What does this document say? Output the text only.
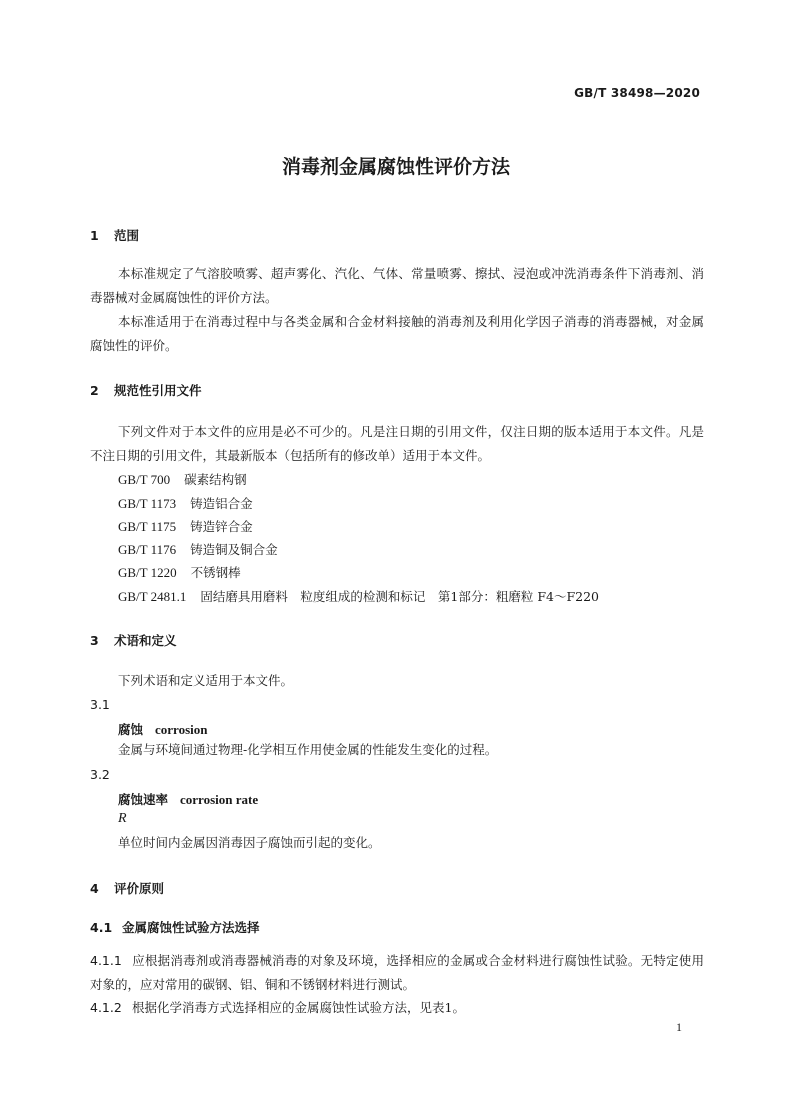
GB/T 38498—2020
消毒剂金属腐蚀性评价方法
1 范围
本标准规定了气溶胶喷雾、超声雾化、汽化、气体、常量喷雾、擦拭、浸泡或冲洗消毒条件下消毒剂、消毒器械对金属腐蚀性的评价方法。
本标准适用于在消毒过程中与各类金属和合金材料接触的消毒剂及利用化学因子消毒的消毒器械，对金属腐蚀性的评价。
2 规范性引用文件
下列文件对于本文件的应用是必不可少的。凡是注日期的引用文件，仅注日期的版本适用于本文件。凡是不注日期的引用文件，其最新版本（包括所有的修改单）适用于本文件。
GB/T 700 碳素结构钢
GB/T 1173 铸造铝合金
GB/T 1175 铸造锌合金
GB/T 1176 铸造铜及铜合金
GB/T 1220 不锈钢棒
GB/T 2481.1 固结磨具用磨料　粒度组成的检测和标记　第1部分：粗磨粒 F4～F220
3 术语和定义
下列术语和定义适用于本文件。
3.1
腐蚀 corrosion
金属与环境间通过物理-化学相互作用使金属的性能发生变化的过程。
3.2
腐蚀速率 corrosion rate
R
单位时间内金属因消毒因子腐蚀而引起的变化。
4 评价原则
4.1 金属腐蚀性试验方法选择
4.1.1 应根据消毒剂或消毒器械消毒的对象及环境，选择相应的金属或合金材料进行腐蚀性试验。无特定使用对象的，应对常用的碳钢、铝、铜和不锈钢材料进行测试。
4.1.2 根据化学消毒方式选择相应的金属腐蚀性试验方法，见表1。
1
